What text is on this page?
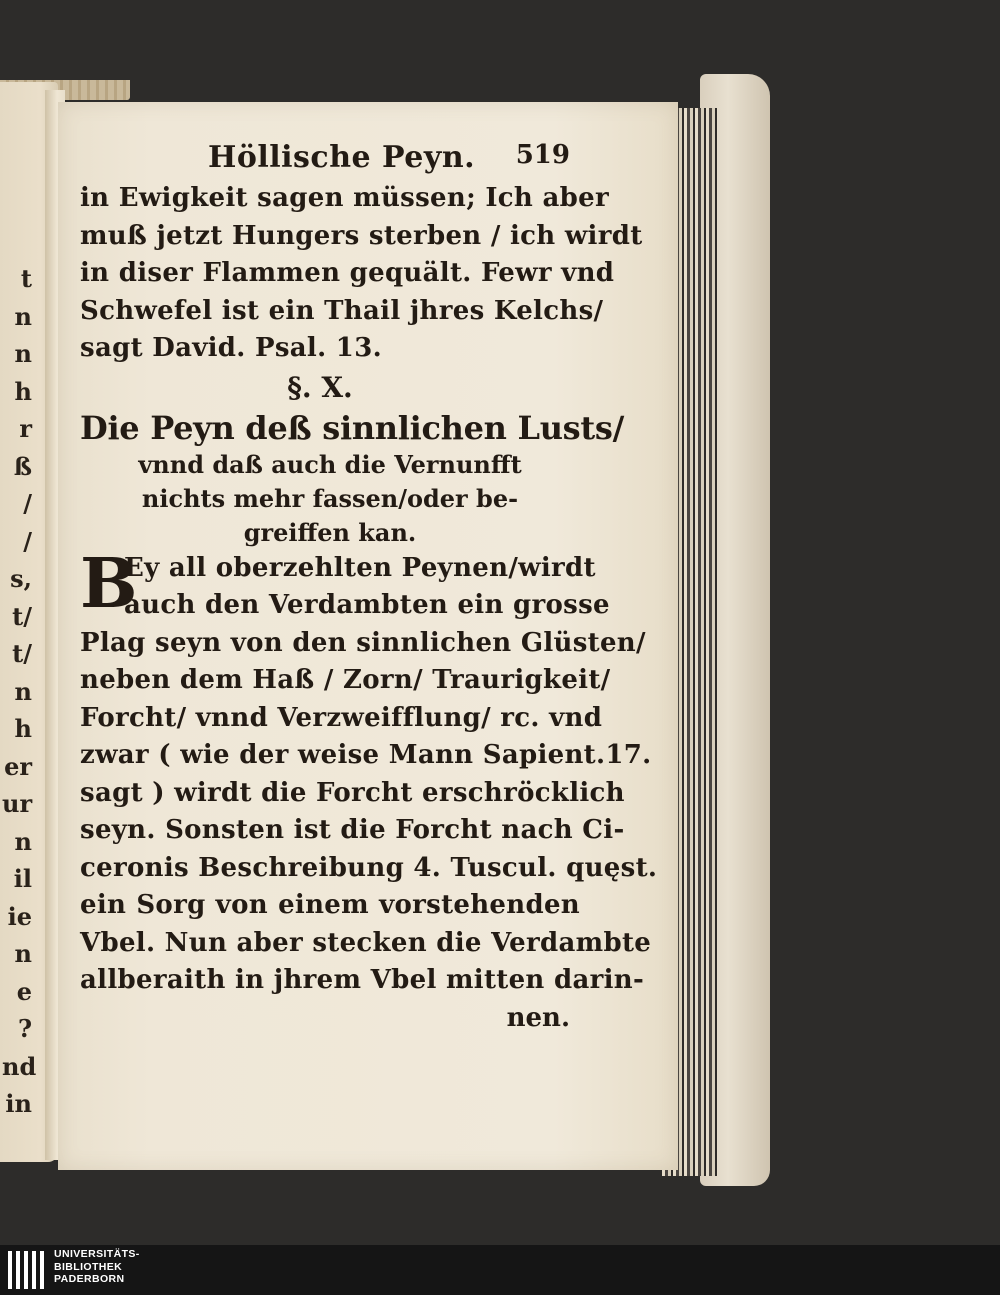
t
n
n
h
r
ß
/
/
s,
t/
t/
n
h
er
ur
n
il
ie
n
e
?
nd
in
Höllische Peyn. 519
in Ewigkeit sagen müssen; Ich aber
muß jetzt Hungers sterben / ich wirdt
in diser Flammen gequält. Fewr vnd
Schwefel ist ein Thail jhres Kelchs/
sagt David. Psal. 13.
§. X.
Die Peyn deß sinnlichen Lusts/
vnnd daß auch die Vernunfft
nichts mehr fassen/oder be-
greiffen kan.
B
Ey all oberzehlten Peynen/wirdt
auch den Verdambten ein grosse
Plag seyn von den sinnlichen Glüsten/
neben dem Haß / Zorn/ Traurigkeit/
Forcht/ vnnd Verzweifflung/ rc. vnd
zwar ( wie der weise Mann Sapient.17.
sagt ) wirdt die Forcht erschröcklich
seyn. Sonsten ist die Forcht nach Ci-
ceronis Beschreibung 4. Tuscul. quęst.
ein Sorg von einem vorstehenden
Vbel. Nun aber stecken die Verdambte
allberaith in jhrem Vbel mitten darin-
nen.
UNIVERSITÄTS-
BIBLIOTHEK
PADERBORN
